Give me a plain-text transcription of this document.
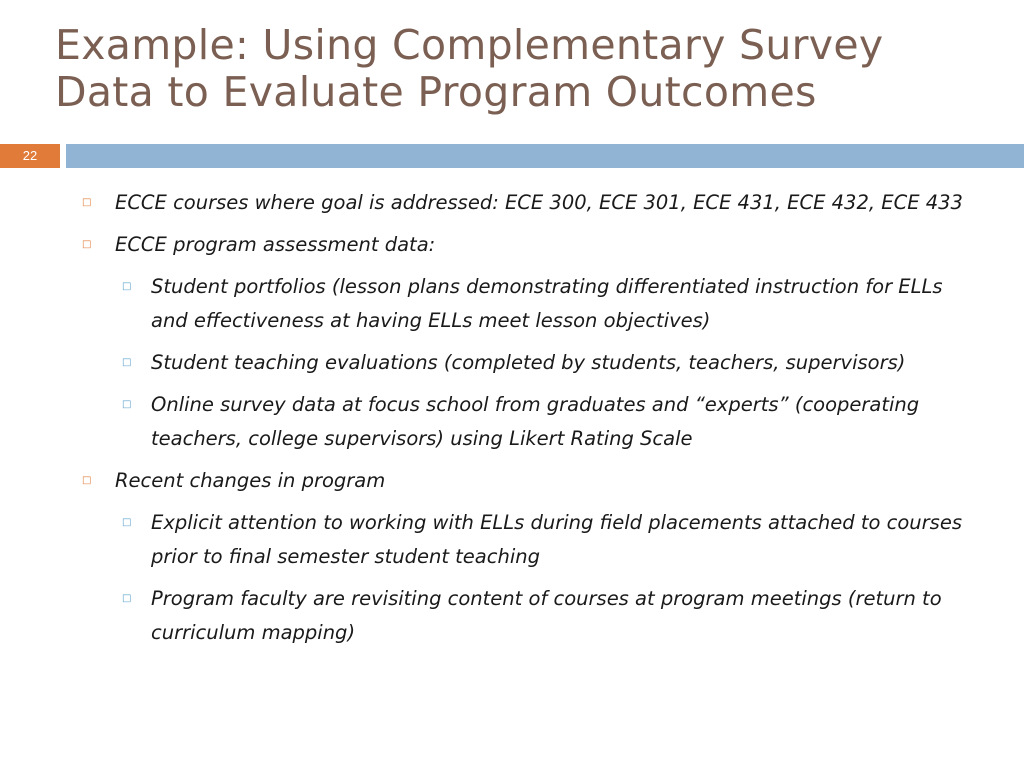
Example: Using Complementary Survey
Data to Evaluate Program Outcomes
22
□
ECCE courses where goal is addressed: ECE 300, ECE 301, ECE 431, ECE 432, ECE 433
□
ECCE program assessment data:
□
Student portfolios (lesson plans demonstrating differentiated instruction for ELLs and effectiveness at having ELLs meet lesson objectives)
□
Student teaching evaluations (completed by students, teachers, supervisors)
□
Online survey data at focus school from graduates and “experts” (cooperating teachers, college supervisors) using Likert Rating Scale
□
Recent changes in program
□
Explicit attention to working with ELLs during field placements attached to courses prior to final semester student teaching
□
Program faculty are revisiting content of courses at program meetings (return to curriculum mapping)
